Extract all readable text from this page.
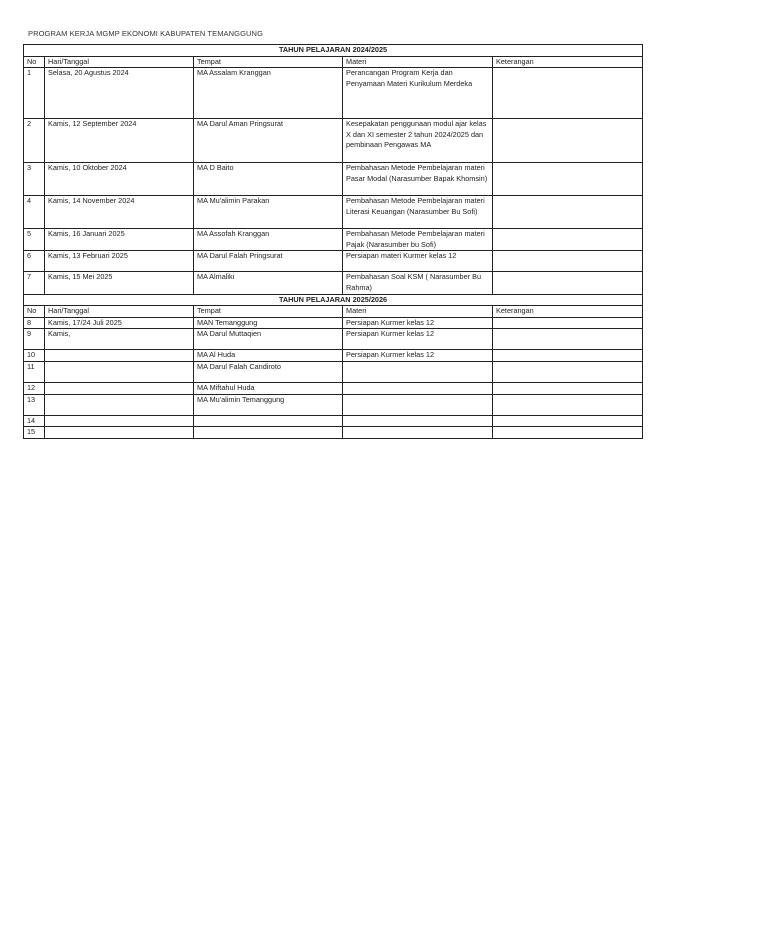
PROGRAM KERJA MGMP EKONOMI KABUPATEN TEMANGGUNG
TAHUN PELAJARAN 2024/2025				
No	Hari/Tanggal	Tempat	Materi	Keterangan
1	Selasa, 20 Agustus 2024	MA Assalam Kranggan	Perancangan Program Kerja dan Penyamaan Materi Kurikulum Merdeka	
2	Kamis, 12 September 2024	MA Darul Aman Pringsurat	Kesepakatan penggunaan modul ajar kelas X dan XI semester 2 tahun 2024/2025 dan pembinaan Pengawas MA	
3	Kamis, 10 Oktober 2024	MA D Baito	Pembahasan Metode Pembelajaran materi Pasar Modal (Narasumber Bapak Khomsin)	
4	Kamis, 14 November 2024	MA Mu'alimin Parakan	Pembahasan Metode Pembelajaran materi Literasi Keuangan (Narasumber Bu Sofi)	
5	Kamis, 16 Januari 2025	MA Assofah Kranggan	Pembahasan Metode Pembelajaran materi Pajak (Narasumber bu Sofi)	
6	Kamis, 13 Februari 2025	MA Darul Falah Pringsurat	Persiapan materi Kurmer kelas 12	
7	Kamis, 15 Mei 2025	MA Almaliki	Pembahasan Soal KSM ( Narasumber Bu Rahma)	
TAHUN PELAJARAN 2025/2026				
No	Hari/Tanggal	Tempat	Materi	Keterangan
8	Kamis, 17/24 Juli 2025	MAN Temanggung	Persiapan Kurmer kelas 12	
9	Kamis,	MA Darul Muttaqien	Persiapan Kurmer kelas 12	
10		MA Al Huda	Persiapan Kurmer kelas 12	
11		MA Darul Falah Candiroto		
12		MA Miftahul Huda		
13		MA Mu'alimin Temanggung		
14				
15				
